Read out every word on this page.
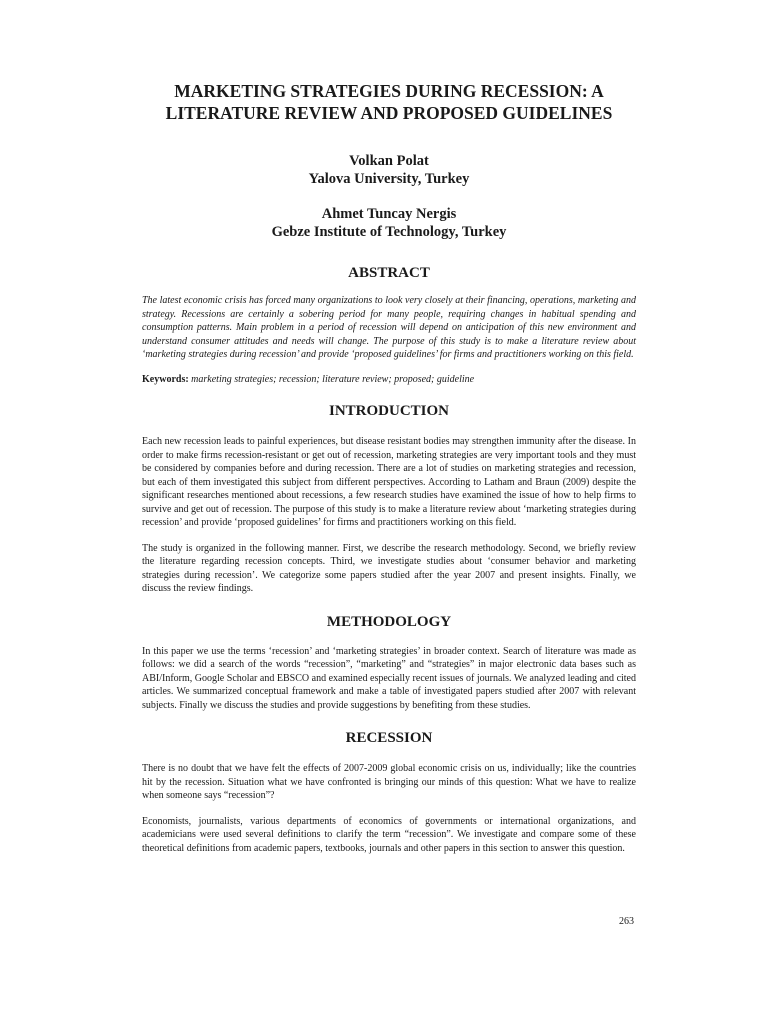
MARKETING STRATEGIES DURING RECESSION: A
LITERATURE REVIEW AND PROPOSED GUIDELINES
Volkan Polat
Yalova University, Turkey
Ahmet Tuncay Nergis
Gebze Institute of Technology, Turkey
ABSTRACT

The latest economic crisis has forced many organizations to look very closely at their financing, operations, marketing and strategy. Recessions are certainly a sobering period for many people, requiring changes in habitual spending and consumption patterns. Main problem in a period of recession will depend on anticipation of this new environment and understand consumer attitudes and needs will change. The purpose of this study is to make a literature review about ‘marketing strategies during recession’ and provide ‘proposed guidelines’ for firms and practitioners working on this field.

Keywords: marketing strategies; recession; literature review; proposed; guideline

INTRODUCTION

Each new recession leads to painful experiences, but disease resistant bodies may strengthen immunity after the disease. In order to make firms recession-resistant or get out of recession, marketing strategies are very important tools and they must be considered by companies before and during recession. There are a lot of studies on marketing strategies and recession, but each of them investigated this subject from different perspectives. According to Latham and Braun (2009) despite the significant researches mentioned about recessions, a few research studies have examined the issue of how to help firms to survive and get out of recession. The purpose of this study is to make a literature review about ‘marketing strategies during recession’ and provide ‘proposed guidelines’ for firms and practitioners working on this field.

The study is organized in the following manner. First, we describe the research methodology. Second, we briefly review the literature regarding recession concepts. Third, we investigate studies about ‘consumer behavior and marketing strategies during recession’. We categorize some papers studied after the year 2007 and present insights. Finally, we discuss the review findings.

METHODOLOGY

In this paper we use the terms ‘recession’ and ‘marketing strategies’ in broader context. Search of literature was made as follows: we did a search of the words “recession”, “marketing” and “strategies” in major electronic data bases such as ABI/Inform, Google Scholar and EBSCO and examined especially recent issues of journals. We analyzed leading and cited articles. We summarized conceptual framework and make a table of investigated papers studied after 2007 with relevant subjects. Finally we discuss the studies and provide suggestions by benefiting from these studies.

RECESSION

There is no doubt that we have felt the effects of 2007-2009 global economic crisis on us, individually; like the countries hit by the recession. Situation what we have confronted is bringing our minds of this question: What we have to realize when someone says “recession”?

Economists, journalists, various departments of economics of governments or international organizations, and academicians were used several definitions to clarify the term “recession”. We investigate and compare some of these theoretical definitions from academic papers, textbooks, journals and other papers in this section to answer this question.

263
